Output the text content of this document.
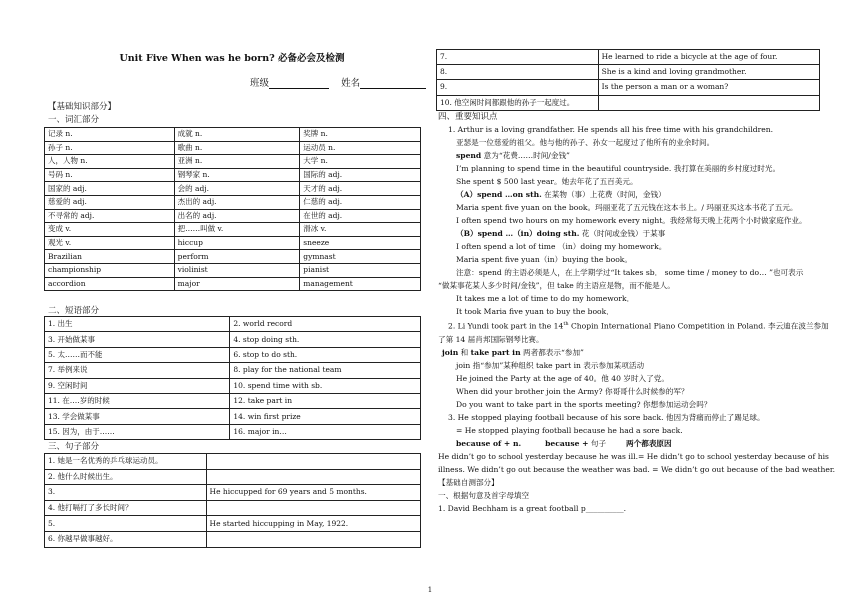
Unit Five When was he born? 必备必会及检测
班级	姓名
【基础知识部分】
一、词汇部分
记录 n.	成就 n.	奖牌 n.
孙子 n.	歌曲 n.	运动员 n.
人，人物 n.	亚洲 n.	大学 n.
号码 n.	钢琴家 n.	国际的 adj.
国家的 adj.	会的 adj.	天才的 adj.
慈爱的 adj.	杰出的 adj.	仁慈的 adj.
不寻常的 adj.	出名的 adj.	在世的 adj.
变成 v.	把……叫做 v.	滑冰 v.
观光 v.	hiccup	sneeze
Brazilian	perform	gymnast
championship	violinist	pianist
accordion	major	management
二、短语部分
1. 出生	2. world record
3. 开始做某事	4. stop doing sth.
5. 太……而不能	6. stop to do sth.
7. 举例来说	8. play for the national team
9. 空闲时间	10. spend time with sb.
11. 在….岁的时候	12. take part in
13. 学会做某事	14. win first prize
15. 因为，由于……	16. major in…
三、句子部分
1. 她是一名优秀的乒乓球运动员。	
2. 他什么时候出生。	
3.	He hiccupped for 69 years and 5 months.
4. 他打嗝打了多长时间？	
5.	He started hiccupping in May, 1922.
6. 你越早做事越好。	
7.	He learned to ride a bicycle at the age of four.
8.	She is a kind and loving grandmother.
9.	Is the person a man or a woman?
10. 他空闲时间都跟他的孙子一起度过。	
四、重要知识点
1. Arthur is a loving grandfather. He spends all his free time with his grandchildren.
亚瑟是一位慈爱的祖父。他与他的孙子、孙女一起度过了他所有的业余时间。
spend 意为“花费……时间/金钱”
I’m planning to spend time in the beautiful countryside. 我打算在美丽的乡村度过时光。
She spent $ 500 last year。她去年花了五百美元。
（A）spend …on sth. 在某物（事）上花费（时间，金钱）
Maria spent five yuan on the book。玛丽亚花了五元钱在这本书上。/ 玛丽亚买这本书花了五元。
I often spend two hours on my homework every night。我经常每天晚上花两个小时做家庭作业。
（B）spend …（in）doing sth. 花（时间或金钱）于某事
I often spend a lot of time （in）doing my homework。
Maria spent five yuan（in）buying the book。
注意：spend 的主语必须是人，在上学期学过“It takes sb． some time / money to do… ”也可表示
“做某事花某人多少时间/金钱”，但 take 的主语应是物，而不能是人。
It takes me a lot of time to do my homework．
It took Maria five yuan to buy the book．
2. Li Yundi took part in the 14th Chopin International Piano Competition in Poland. 李云迪在波兰参加
了第 14 届肖邦国际钢琴比赛。
join 和 take part in 两者都表示“参加”
join 指“参加”某种组织 take part in 表示参加某项活动
He joined the Party at the age of 40。他 40 岁时入了党。
When did your brother join the Army? 你哥哥什么时候参的军？
Do you want to take part in the sports meeting? 你想参加运动会吗？
3. He stopped playing football because of his sore back. 他因为背痛而停止了踢足球。
= He stopped playing football because he had a sore back.
because of + n.	because + 句子	两个都表原因
He didn’t go to school yesterday because he was ill.= He didn’t go to school yesterday because of his
illness. We didn’t go out because the weather was bad. = We didn’t go out because of the bad weather.
【基础自测部分】
一、根据句意及首字母填空
1. David Bechham is a great football p__________.
1
